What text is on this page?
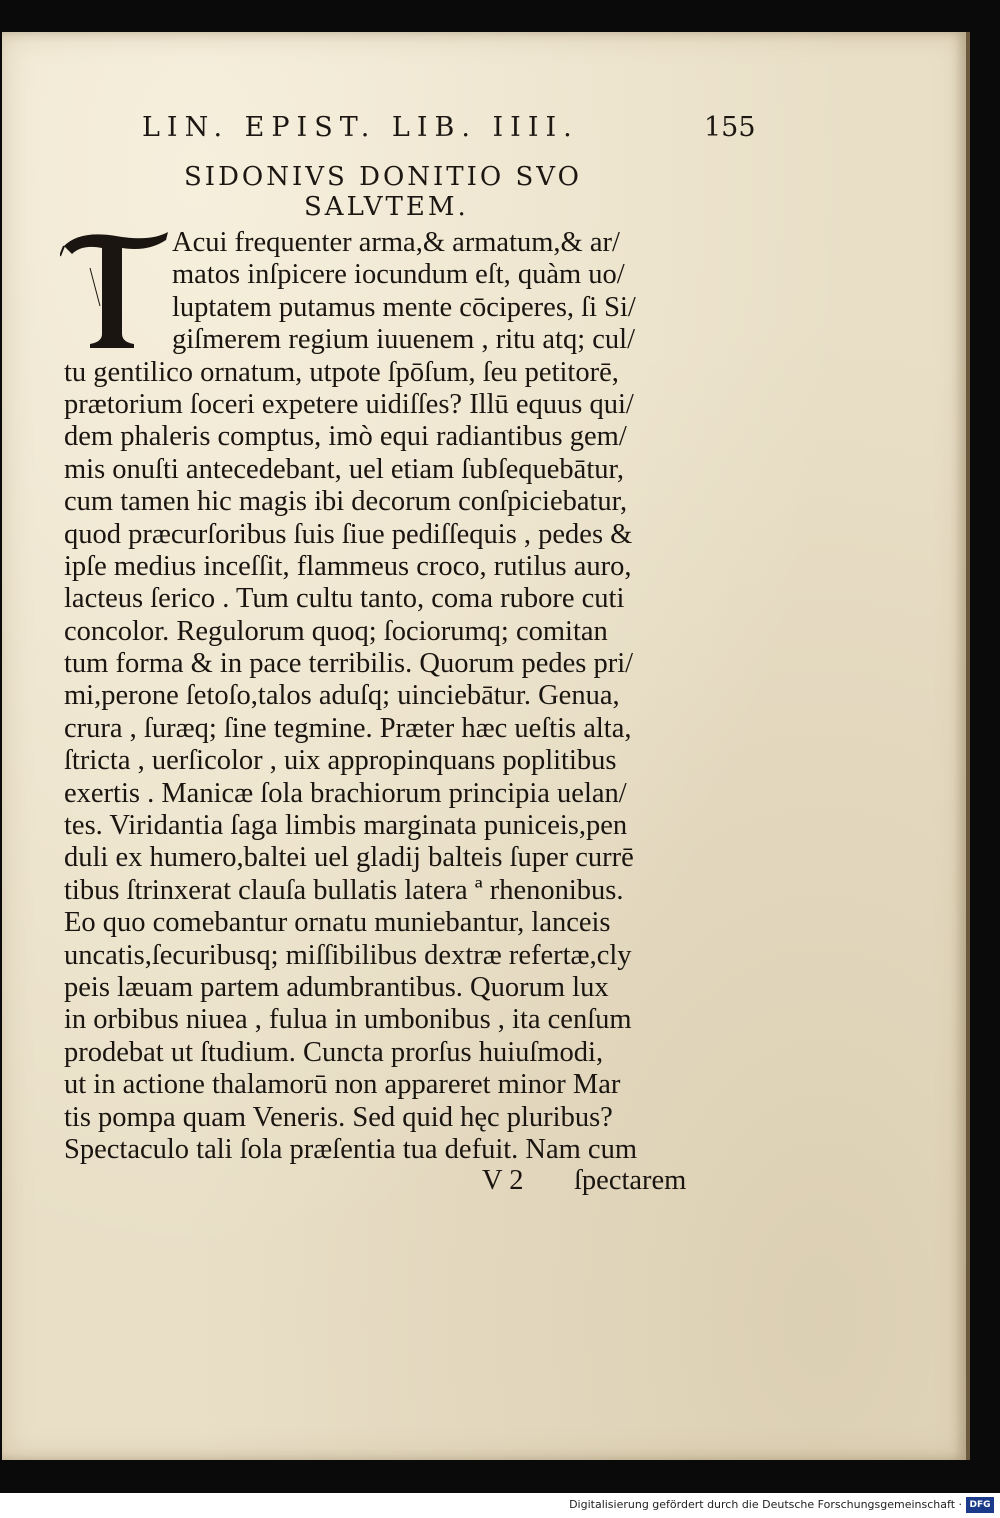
LIN. EPIST. LIB. IIII.	155
SIDONIVS DONITIO SVO
SALVTEM.
Acui frequenter arma,& armatum,& ar/
matos inſpicere iocundum eſt, quàm uo/
luptatem putamus mente cōciperes, ſi Si/
giſmerem regium iuuenem , ritu atq; cul/
tu gentilico ornatum, utpote ſpōſum, ſeu petitorē,
prætorium ſoceri expetere uidiſſes? Illū equus qui/
dem phaleris comptus, imò equi radiantibus gem/
mis onuſti antecedebant, uel etiam ſubſequebātur,
cum tamen hic magis ibi decorum conſpiciebatur,
quod præcurſoribus ſuis ſiue pediſſequis , pedes &
ipſe medius inceſſit, flammeus croco, rutilus auro,
lacteus ſerico . Tum cultu tanto, coma rubore cuti
concolor. Regulorum quoq; ſociorumq; comitan
tum forma & in pace terribilis. Quorum pedes pri/
mi,perone ſetoſo,talos aduſq; uinciebātur. Genua,
crura , ſuræq; ſine tegmine. Præter hæc ueſtis alta,
ſtricta , uerſicolor , uix appropinquans poplitibus
exertis . Manicæ ſola brachiorum principia uelan/
tes. Viridantia ſaga limbis marginata puniceis,pen
duli ex humero,baltei uel gladij balteis ſuper currē
tibus ſtrinxerat clauſa bullatis latera ª rhenonibus.
Eo quo comebantur ornatu muniebantur, lanceis
uncatis,ſecuribusq; miſſibilibus dextræ refertæ,cly
peis læuam partem adumbrantibus. Quorum lux
in orbibus niuea , fulua in umbonibus , ita cenſum
prodebat ut ſtudium. Cuncta prorſus huiuſmodi,
ut in actione thalamorū non appareret minor Mar
tis pompa quam Veneris. Sed quid hęc pluribus?
Spectaculo tali ſola præſentia tua defuit. Nam cum
V 2 ſpectarem
Digitalisierung gefördert durch die Deutsche Forschungsgemeinschaft · DFG
